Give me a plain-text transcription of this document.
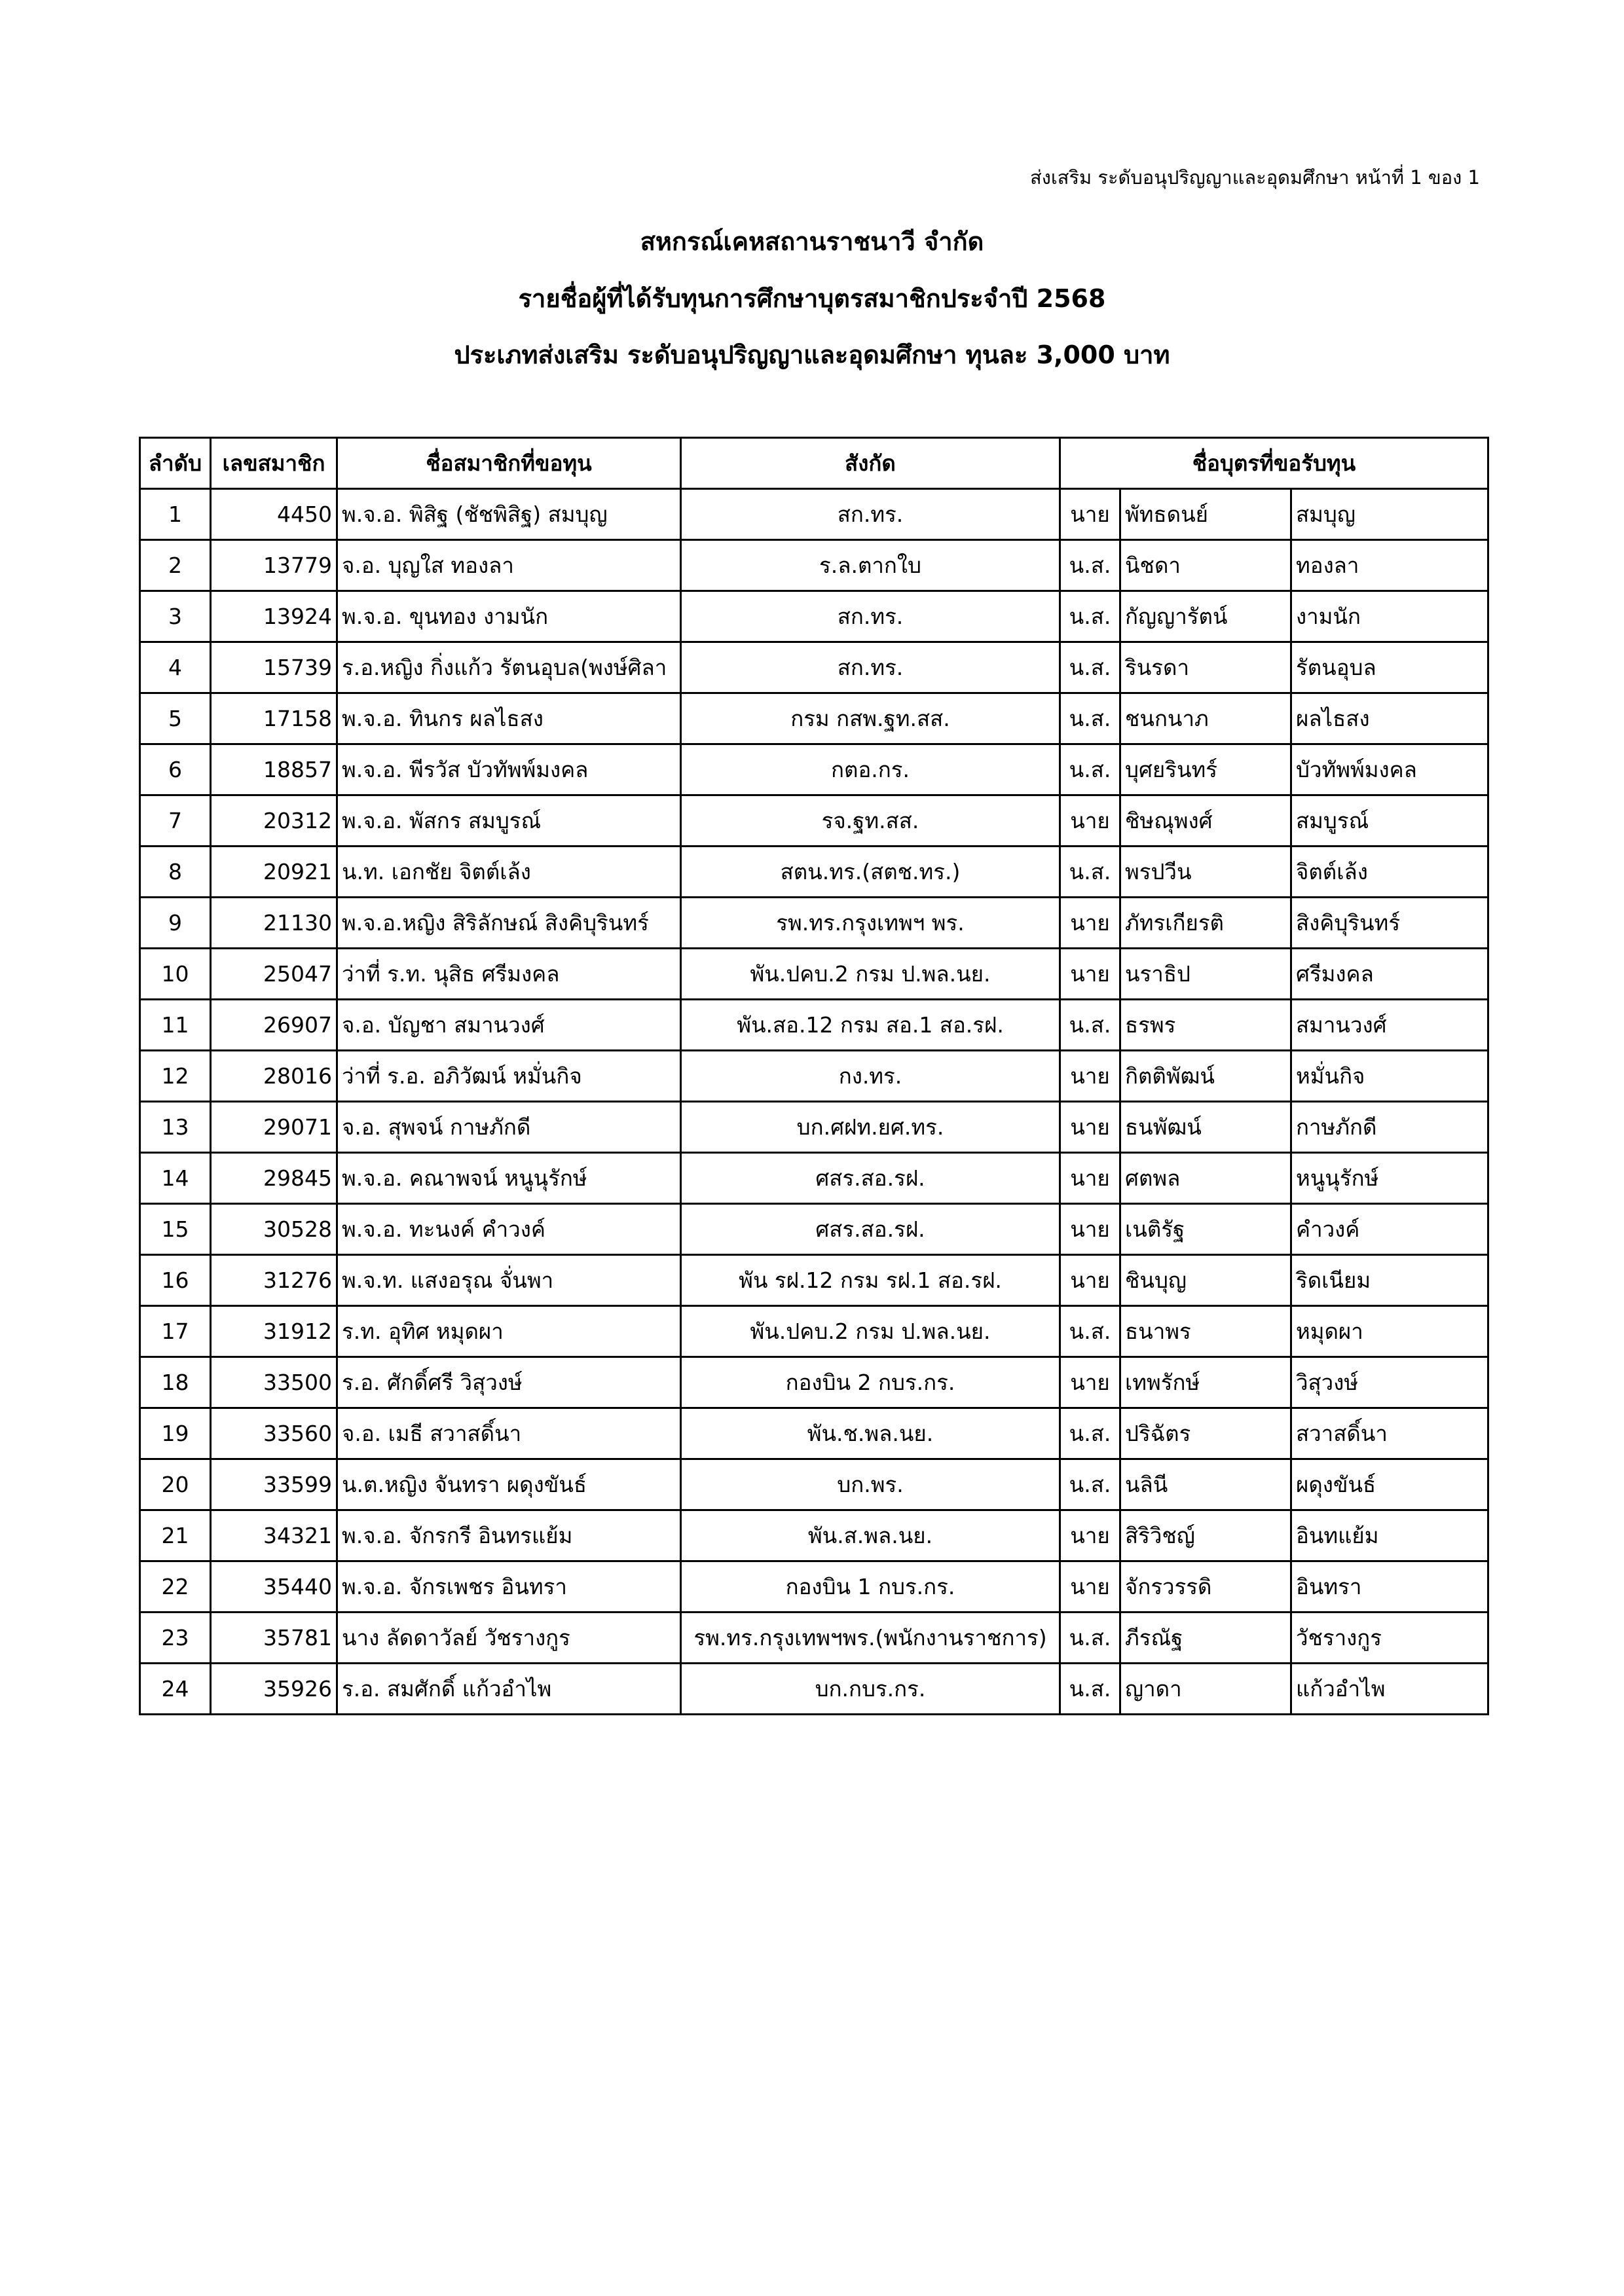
ส่งเสริม ระดับอนุปริญญาและอุดมศึกษา หน้าที่ 1 ของ 1
สหกรณ์เคหสถานราชนาวี จำกัด
รายชื่อผู้ที่ได้รับทุนการศึกษาบุตรสมาชิกประจำปี 2568
ประเภทส่งเสริม ระดับอนุปริญญาและอุดมศึกษา ทุนละ 3,000 บาท
ลำดับ	เลขสมาชิก	ชื่อสมาชิกที่ขอทุน	สังกัด	ชื่อบุตรที่ขอรับทุน		
1	4450	พ.จ.อ. พิสิฐ (ชัชพิสิฐ) สมบุญ	สก.ทร.	นาย	พัทธดนย์	สมบุญ
2	13779	จ.อ. บุญใส ทองลา	ร.ล.ตากใบ	น.ส.	นิชดา	ทองลา
3	13924	พ.จ.อ. ขุนทอง งามนัก	สก.ทร.	น.ส.	กัญญารัตน์	งามนัก
4	15739	ร.อ.หญิง กิ่งแก้ว รัตนอุบล(พงษ์ศิลา	สก.ทร.	น.ส.	รินรดา	รัตนอุบล
5	17158	พ.จ.อ. ทินกร ผลไธสง	กรม กสพ.ฐท.สส.	น.ส.	ชนกนาภ	ผลไธสง
6	18857	พ.จ.อ. พีรวัส บัวทัพพ์มงคล	กตอ.กร.	น.ส.	บุศยรินทร์	บัวทัพพ์มงคล
7	20312	พ.จ.อ. พัสกร สมบูรณ์	รจ.ฐท.สส.	นาย	ชิษณุพงศ์	สมบูรณ์
8	20921	น.ท. เอกชัย จิตต์เล้ง	สตน.ทร.(สตช.ทร.)	น.ส.	พรปวีน	จิตต์เล้ง
9	21130	พ.จ.อ.หญิง สิริลักษณ์ สิงคิบุรินทร์	รพ.ทร.กรุงเทพฯ พร.	นาย	ภัทรเกียรติ	สิงคิบุรินทร์
10	25047	ว่าที่ ร.ท. นุสิธ ศรีมงคล	พัน.ปคบ.2 กรม ป.พล.นย.	นาย	นราธิป	ศรีมงคล
11	26907	จ.อ. บัญชา สมานวงศ์	พัน.สอ.12 กรม สอ.1 สอ.รฝ.	น.ส.	ธรพร	สมานวงศ์
12	28016	ว่าที่ ร.อ. อภิวัฒน์ หมั่นกิจ	กง.ทร.	นาย	กิตติพัฒน์	หมั่นกิจ
13	29071	จ.อ. สุพจน์ กาษภักดี	บก.ศฝท.ยศ.ทร.	นาย	ธนพัฒน์	กาษภักดี
14	29845	พ.จ.อ. คณาพจน์ หนูนุรักษ์	ศสร.สอ.รฝ.	นาย	ศตพล	หนูนุรักษ์
15	30528	พ.จ.อ. ทะนงค์ คำวงค์	ศสร.สอ.รฝ.	นาย	เนติรัฐ	คำวงค์
16	31276	พ.จ.ท. แสงอรุณ จั่นพา	พัน รฝ.12 กรม รฝ.1 สอ.รฝ.	นาย	ชินบุญ	ริดเนียม
17	31912	ร.ท. อุทิศ หมุดผา	พัน.ปคบ.2 กรม ป.พล.นย.	น.ส.	ธนาพร	หมุดผา
18	33500	ร.อ. ศักดิ์ศรี วิสุวงษ์	กองบิน 2 กบร.กร.	นาย	เทพรักษ์	วิสุวงษ์
19	33560	จ.อ. เมธี สวาสดิ์นา	พัน.ช.พล.นย.	น.ส.	ปริฉัตร	สวาสดิ์นา
20	33599	น.ต.หญิง จันทรา ผดุงขันธ์	บก.พร.	น.ส.	นลินี	ผดุงขันธ์
21	34321	พ.จ.อ. จักรกรี อินทรแย้ม	พัน.ส.พล.นย.	นาย	สิริวิชญ์	อินทแย้ม
22	35440	พ.จ.อ. จักรเพชร อินทรา	กองบิน 1 กบร.กร.	นาย	จักรวรรดิ	อินทรา
23	35781	นาง ลัดดาวัลย์ วัชรางกูร	รพ.ทร.กรุงเทพฯพร.(พนักงานราชการ)	น.ส.	ภีรณัฐ	วัชรางกูร
24	35926	ร.อ. สมศักดิ์ แก้วอำไพ	บก.กบร.กร.	น.ส.	ญาดา	แก้วอำไพ
